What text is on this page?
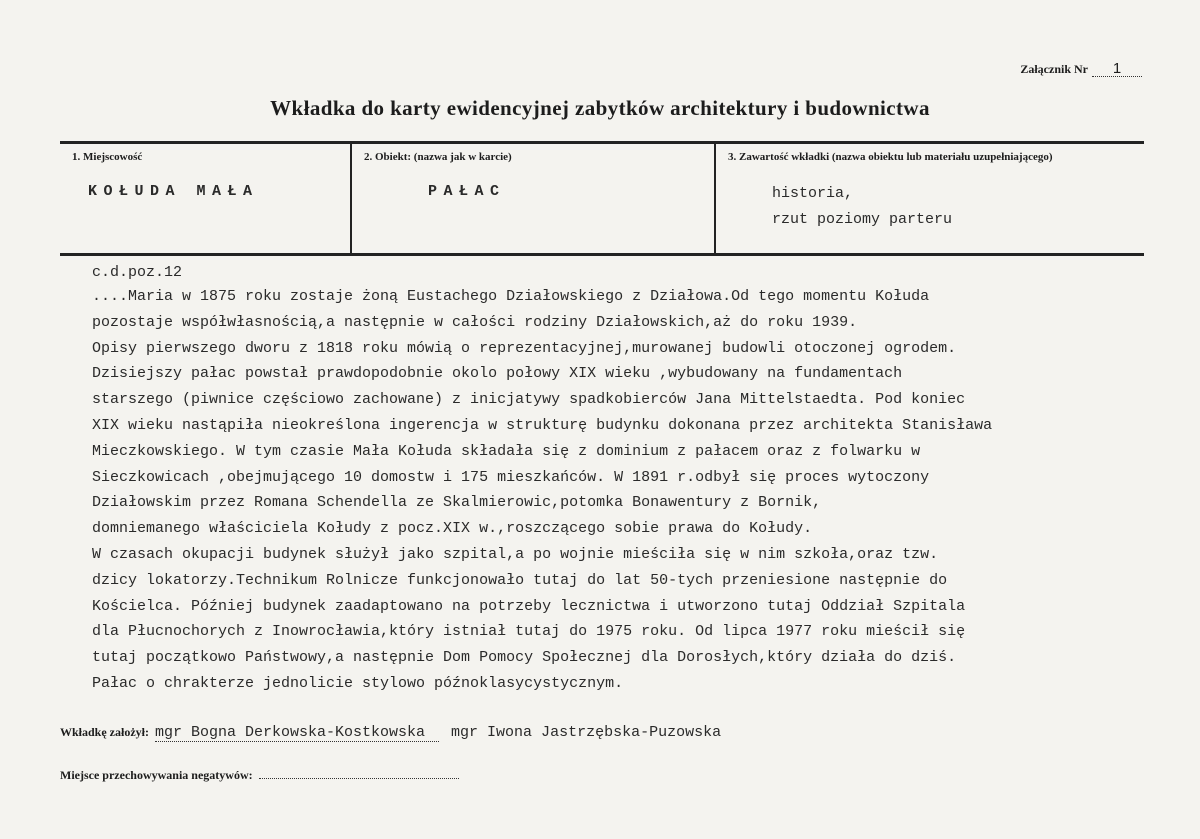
Załącznik Nr	1
Wkładka do karty ewidencyjnej zabytków architektury i budownictwa
1. Miejscowość
KOŁUDA MAŁA
2. Obiekt: (nazwa jak w karcie)
PAŁAC
3. Zawartość wkładki (nazwa obiektu lub materiału uzupełniającego)
historia,
rzut poziomy parteru
c.d.poz.12
....Maria w 1875 roku zostaje żoną Eustachego Działowskiego z Działowa.Od tego momentu Kołuda
pozostaje współwłasnością,a następnie w całości rodziny Działowskich,aż do roku 1939.
Opisy pierwszego dworu z 1818 roku mówią o reprezentacyjnej,murowanej budowli otoczonej ogrodem.
Dzisiejszy pałac powstał prawdopodobnie okolo połowy XIX wieku ,wybudowany na fundamentach
starszego (piwnice częściowo zachowane) z inicjatywy spadkobierców Jana Mittelstaedta. Pod koniec
XIX wieku nastąpiła nieokreślona ingerencja w strukturę budynku dokonana przez architekta Stanisława
Mieczkowskiego. W tym czasie Mała Kołuda składała się z dominium z pałacem oraz z folwarku w
Sieczkowicach ,obejmującego 10 domostw i 175 mieszkańców. W 1891 r.odbył się proces wytoczony
Działowskim przez Romana Schendella ze Skalmierowic,potomka Bonawentury z Bornik,
domniemanego właściciela Kołudy z pocz.XIX w.,roszczącego sobie prawa do Kołudy.
W czasach okupacji budynek służył jako szpital,a po wojnie mieściła się w nim szkoła,oraz tzw.
dzicy lokatorzy.Technikum Rolnicze funkcjonowało tutaj do lat 50-tych przeniesione następnie do
Kościelca. Później budynek zaadaptowano na potrzeby lecznictwa i utworzono tutaj Oddział Szpitala
dla Płucnochorych z Inowrocławia,który istniał tutaj do 1975 roku. Od lipca 1977 roku mieścił się
tutaj początkowo Państwowy,a następnie Dom Pomocy Społecznej dla Dorosłych,który działa do dziś.
Pałac o chrakterze jednolicie stylowo późnoklasycystycznym.
Wkładkę założył: mgr Bogna Derkowska-Kostkowska	mgr Iwona Jastrzębska-Puzowska
Miejsce przechowywania negatywów:
